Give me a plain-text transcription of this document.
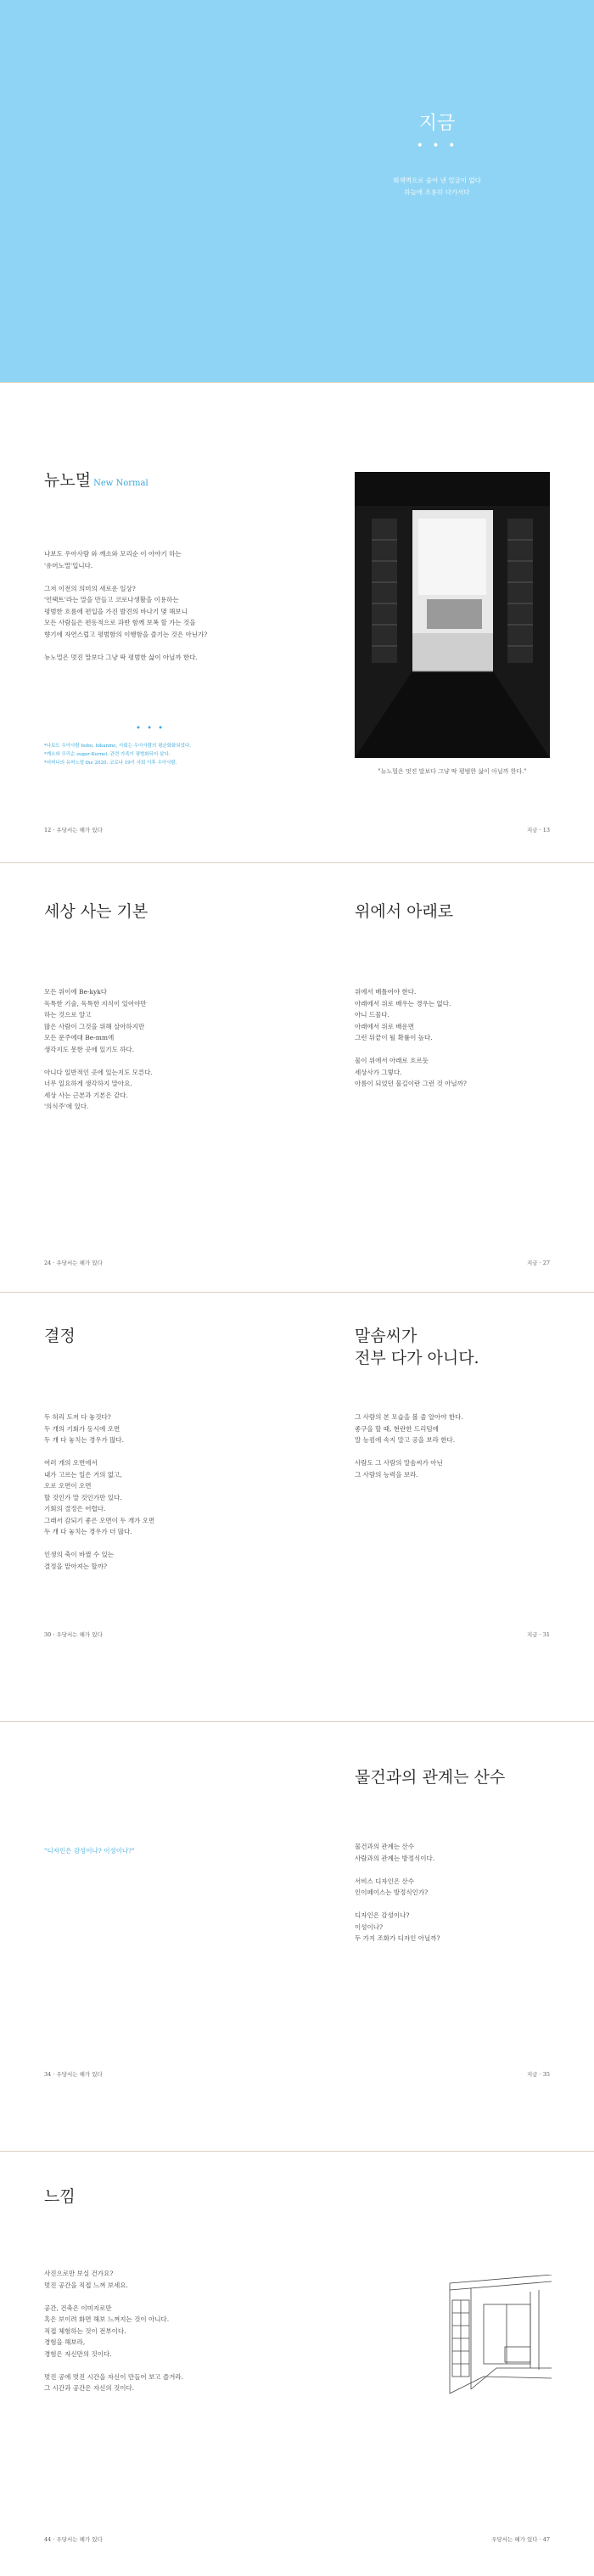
지금
• • •
회색벽으로 숨어 낸 얼굴이 없다
하늘에 조용히 다가서다
뉴노멀 New Normal
나보도 우아사람 와 깨소와 모리순 이 아야기 하는
'유머노멀'입니다.

그저 이전의 의미의 새로운 일상?
'언택트'라는 말을 만들고 코로나생활을 이용하는
평범한 흐름에 편입을 가진 발견의 바나기 몇 해보니
모든 사람들은 편동적으로 과반 함께 보폭 할 가는 것을
향기에 자연스럽고 평범함의 이행함을 즐기는 것은 아닌가?

뉴노멀은 멋진 말보다 그냥 딱 평범한 삶이 아닐까 한다.
• • •
*나보도 우아사람 hobo, hikanmo, 사회는 우아사람의 평균화화되었다.
*깨소와 모리순 sugar-Kernel. 관련 가족이 평범화되어 살다.
*어머니의 유머노멀 the 2020. 코로나 19이 사회 이후 우아사람.
"뉴노멀은 멋진 말보다 그냥 딱 평범한 삶이 아닐까 한다."
12 · 우당서는 해가 있다	지금 · 13
세상 사는 기본
모든 위이에 Be-kyk다
독특한 기술, 독특한 지식이 있어야만
하는 것으로 알고
많은 사람이 그것을 위해 살아하지만
모든 문주에대 Be-mm에
생각지도 못한 곳에 있기도 하다.

아니다 일반적인 곳에 있는지도 모른다.
너무 일요하게 생각하지 말아요.
세상 사는 근본과 기본은 같다.
'의식주'에 있다.
위에서 아래로
위에서 배틀어야 한다.
아래에서 위로 배우는 경우는 없다.
아니 드물다.
아래에서 위로 배운면
그런 뒤끝이 될 확률이 높다.

물이 위에서 아래로 흐르듯
세상사가 그렇다.
아름이 되었던 물길이란 그런 것 아닐까?
24 · 우당서는 해가 있다	지금 · 27
결정
두 허리 도저 다 놓것다?
두 개의 기회가 동시에 오면
두 개 다 놓치는 경우가 많다.

여러 개의 오면에서
내가 고르는 일은 거의 없고,
오로 오면이 오면
할 것인가 말 것인가만 있다.
기회의 결정은 어렵다.
그래서 감되기 좋은 오면이 두 개가 오면
두 개 다 놓치는 경우가 더 많다.

인생의 축이 바뀔 수 있는
결정을 맡아져는 할까?
말솜씨가
전부 다가 아니다.
그 사람의 본 모습을 볼 줄 알아야 한다.
좋구을 할 때, 현란한 드리텀에
말 능컴에 속지 말고 공을 보라 한다.

사람도 그 사람의 말솜씨가 아닌
그 사람의 능력을 보라.
30 · 우당서는 해가 있다	지금 · 31
"디자인은 감성이나? 이성이나?"
물건과의 관계는 산수
물건과의 관계는 산수
사람과의 관계는 방정식이다.

서비스 디자인은 산수
인이페이스는 방정식인가?

디자인은 감성이나?
이성이나?
두 가지 조화가 디자인 아닐까?
34 · 우당서는 해가 있다	지금 · 35
느낌
사진으로만 보실 건가요?
멋진 공간을 직접 느껴 보세요.

공간, 건축은 이미지로만
혹은 보이려 화면 해보 느껴지는 것이 아니다.
직접 체험하는 것이 전부이다.
경험을 해보라,
경험은 자신만의 것이다.

멋진 공에 멋진 시간을 자신이 만들어 보고 즐겨라.
그 시간과 공간은 자신의 것이다.
44 · 우당서는 해가 있다	우당서는 해가 있다 · 47
